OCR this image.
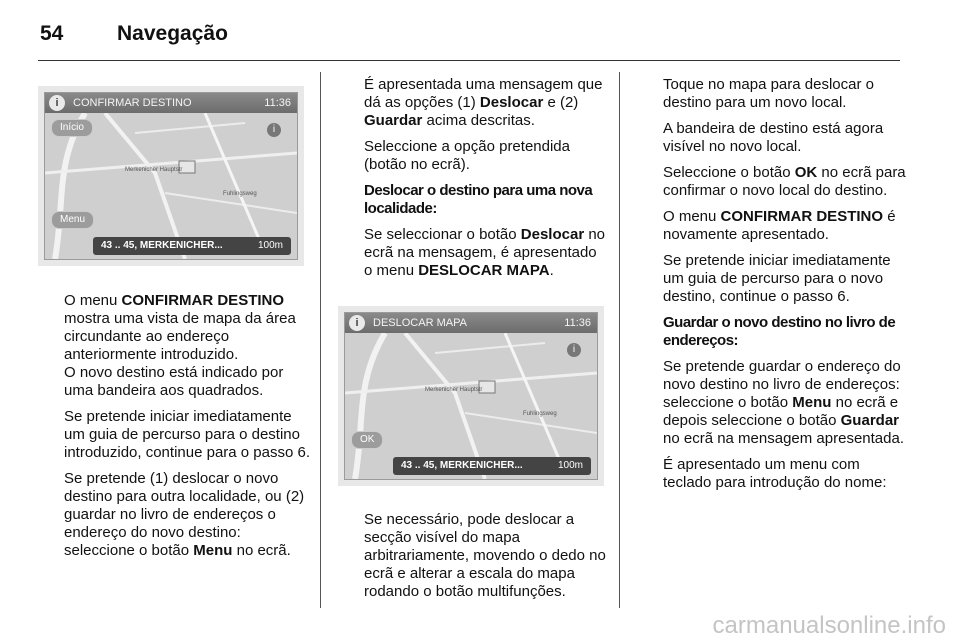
54	Navegação
i	CONFIRMAR DESTINO	11:36
Merkenicher Hauptstr
Fuhlingsweg
i
Início
Menu
43 .. 45, MERKENICHER...	100m
i	DESLOCAR MAPA	11:36
Merkenicher Hauptstr
Fuhlingsweg
i
OK
43 .. 45, MERKENICHER...	100m

O menu CONFIRMAR DESTINO mostra uma vista de mapa da área circundante ao endereço anteriormente introduzido.
O novo destino está indicado por uma bandeira aos quadrados.

Se pretende iniciar imediatamente um guia de percurso para o destino introduzido, continue para o passo 6.

Se pretende (1) deslocar o novo destino para outra localidade, ou (2) guardar no livro de endereços o endereço do novo destino: seleccione o botão Menu no ecrã.

É apresentada uma mensagem que dá as opções (1) Deslocar e (2) Guardar acima descritas.

Seleccione a opção pretendida (botão no ecrã).

Deslocar o destino para uma nova localidade:

Se seleccionar o botão Deslocar no ecrã na mensagem, é apresentado o menu DESLOCAR MAPA.

Se necessário, pode deslocar a secção visível do mapa arbitrariamente, movendo o dedo no ecrã e alterar a escala do mapa rodando o botão multifunções.

Toque no mapa para deslocar o destino para um novo local.

A bandeira de destino está agora visível no novo local.

Seleccione o botão OK no ecrã para confirmar o novo local do destino.

O menu CONFIRMAR DESTINO é novamente apresentado.

Se pretende iniciar imediatamente um guia de percurso para o novo destino, continue o passo 6.

Guardar o novo destino no livro de endereços:

Se pretende guardar o endereço do novo destino no livro de endereços: seleccione o botão Menu no ecrã e depois seleccione o botão Guardar no ecrã na mensagem apresentada.

É apresentado um menu com teclado para introdução do nome:

carmanualsonline.info
